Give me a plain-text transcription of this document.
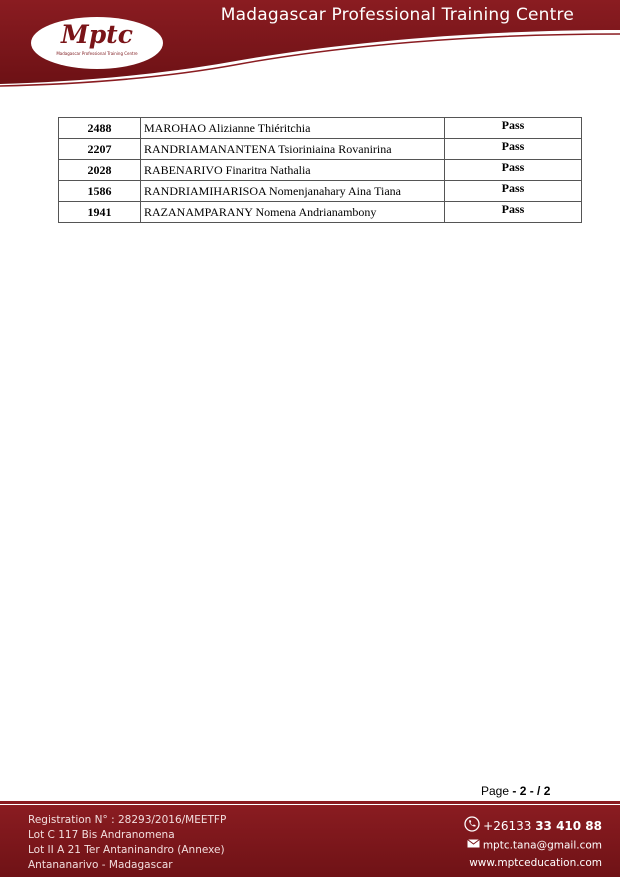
Madagascar Professional Training Centre
Mptc
Madagascar Professional Training Centre
2488	MAROHAO Alizianne Thiéritchia	Pass
2207	RANDRIAMANANTENA Tsioriniaina Rovanirina	Pass
2028	RABENARIVO Finaritra Nathalia	Pass
1586	RANDRIAMIHARISOA Nomenjanahary Aina Tiana	Pass
1941	RAZANAMPARANY Nomena Andrianambony	Pass
Page - 2 - / 2
Registration N° : 28293/2016/MEETFP
Lot C 117 Bis Andranomena
Lot II A 21 Ter Antaninandro (Annexe)
Antananarivo - Madagascar
+26133 33 410 88
mptc.tana@gmail.com
www.mptceducation.com
